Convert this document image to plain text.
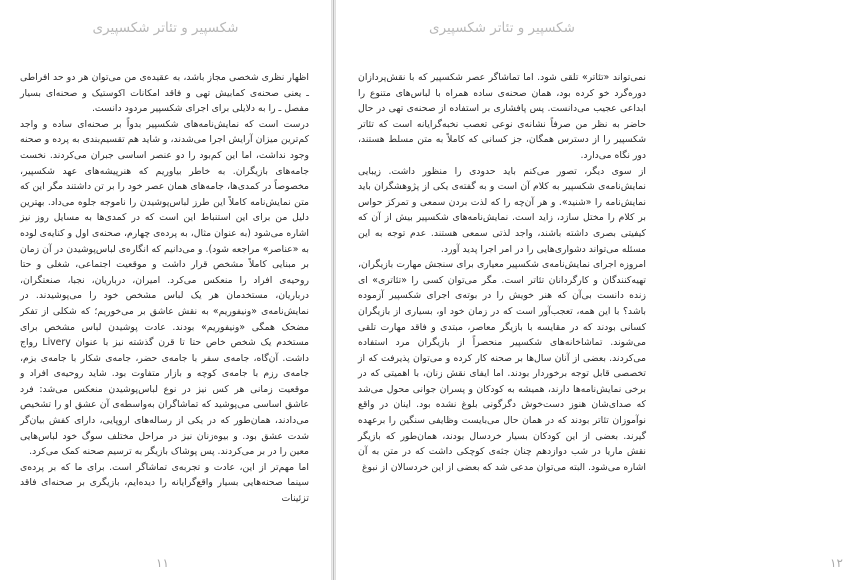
شکسپیر و تئاتر شکسپیری

اظهار نظری شخصی مجاز باشد، به عقیده‌ی من می‌توان هر دو حد افراطی ـ یعنی صحنه‌ی کمابیش تهی و فاقد امکانات اکوستیک و صحنه‌ای بسیار مفصل ـ را به دلایلی برای اجرای شکسپیر مردود دانست.

درست است که نمایش‌نامه‌های شکسپیر بدواً بر صحنه‌ای ساده و واجد کم‌ترین میزان آرایش اجرا می‌شدند، و شاید هم تقسیم‌بندی به پرده و صحنه وجود نداشت، اما این کم‌بود را دو عنصر اساسی جبران می‌کردند. نخست جامه‌های بازیگران. به خاطر بیاوریم که هنرپیشه‌های عهد شکسپیر، مخصوصاً در کمدی‌ها، جامه‌های همان عصر خود را بر تن داشتند مگر این که متن نمایش‌نامه کاملاً این طرز لباس‌پوشیدن را ناموجه جلوه می‌داد. بهترین دلیل من برای این استنباط این است که در کمدی‌ها به مسایل روز نیز اشاره می‌شود (به عنوان مثال، به پرده‌ی چهارم، صحنه‌ی اول و کنایه‌ی لوده به «عناصر» مراجعه شود). و می‌دانیم که انگاره‌ی لباس‌پوشیدن در آن زمان بر مبنایی کاملاً مشخص قرار داشت و موقعیت اجتماعی، شغلی و حتا روحیه‌ی افراد را منعکس می‌کرد. امیران، درباریان، نجبا، صنعتگران، درباریان، مستخدمان هر یک لباس مشخص خود را می‌پوشیدند. در نمایش‌نامه‌ی «ونیفوریم» به نقش عاشق بر می‌خوریم؛ که شکلی از تفکر مضحک همگی «ونیفوریم» بودند. عادت پوشیدن لباس مشخص برای مستخدم یک شخص خاص حتا تا قرن گذشته نیز با عنوان Livery رواج داشت. آن‌گاه، جامه‌ی سفر با جامه‌ی حضر، جامه‌ی شکار با جامه‌ی بزم، جامه‌ی رزم با جامه‌ی کوچه و بازار متفاوت بود. شاید روحیه‌ی افراد و موقعیت زمانی هر کس نیز در نوع لباس‌پوشیدن منعکس می‌شد: فرد عاشق اساسی می‌پوشید که تماشاگران به‌واسطه‌ی آن عشق او را تشخیص می‌دادند، همان‌طور که در یکی از رساله‌های اروپایی، دارای کفش بیان‌گر شدت عشق بود. و بیوه‌زنان نیز در مراحل مختلف سوگ خود لباس‌هایی معین را در بر می‌کردند. پس پوشاک بازیگر به ترسیم صحنه کمک می‌کرد.

اما مهم‌تر از این، عادت و تجربه‌ی تماشاگر است. برای ما که بر پرده‌ی سینما صحنه‌هایی بسیار واقع‌گرایانه را دیده‌ایم، بازیگری بر صحنه‌ای فاقد تزئینات

۱۱
شکسپیر و تئاتر شکسپیری

نمی‌تواند «تئاتر» تلقی شود. اما تماشاگر عصر شکسپیر که با نقش‌پردازان دوره‌گرد خو کرده بود، همان صحنه‌ی ساده همراه با لباس‌های متنوع را ابداعی عجیب می‌دانست. پس پافشاری بر استفاده از صحنه‌ی تهی در حال حاضر به نظر من صرفاً نشانه‌ی نوعی تعصب نخبه‌گرایانه است که تئاتر شکسپیر را از دسترس همگان، جز کسانی که کاملاً به متن مسلط هستند، دور نگاه می‌دارد.

از سوی دیگر، تصور می‌کنم باید حدودی را منظور داشت. زیبایی نمایش‌نامه‌ی شکسپیر به کلام آن است و به گفته‌ی یکی از پژوهشگران باید نمایش‌نامه را «شنید». و هر آن‌چه را که لذت بردن سمعی و تمرکز حواس بر کلام را مختل سازد، زاید است. نمایش‌نامه‌های شکسپیر بیش از آن که کیفیتی بصری داشته باشند، واجد لذتی سمعی هستند. عدم توجه به این مسئله می‌تواند دشواری‌هایی را در امر اجرا پدید آورد.

امروزه اجرای نمایش‌نامه‌ی شکسپیر معیاری برای سنجش مهارت بازیگران، تهیه‌کنندگان و کارگردانان تئاتر است. مگر می‌توان کسی را «تئاتری» ای زنده دانست بی‌آن که هنر خویش را در بوته‌ی اجرای شکسپیر آزموده باشد؟ با این همه، تعجب‌آور است که در زمان خود او، بسیاری از بازیگران کسانی بودند که در مقایسه با بازیگر معاصر، مبتدی و فاقد مهارت تلقی می‌شوند. تماشاخانه‌های شکسپیر منحصراً از بازیگران مرد استفاده می‌کردند. بعضی از آنان سال‌ها بر صحنه کار کرده و می‌توان پذیرفت که از تخصصی قابل توجه برخوردار بودند. اما ایفای نقش زنان، با اهمیتی که در برخی نمایش‌نامه‌ها دارند، همیشه به کودکان و پسران جوانی محول می‌شد که صدای‌شان هنوز دست‌خوش دگرگونی بلوغ نشده بود. اینان در واقع نوآموزان تئاتر بودند که در همان حال می‌بایست وظایفی سنگین را برعهده گیرند. بعضی از این کودکان بسیار خردسال بودند، همان‌طور که بازیگر نقش ماریا در شب دوازدهم چنان جثه‌ی کوچکی داشت که در متن به آن اشاره می‌شود. البته می‌توان مدعی شد که بعضی از این خردسالان از نبوغ

۱۲
